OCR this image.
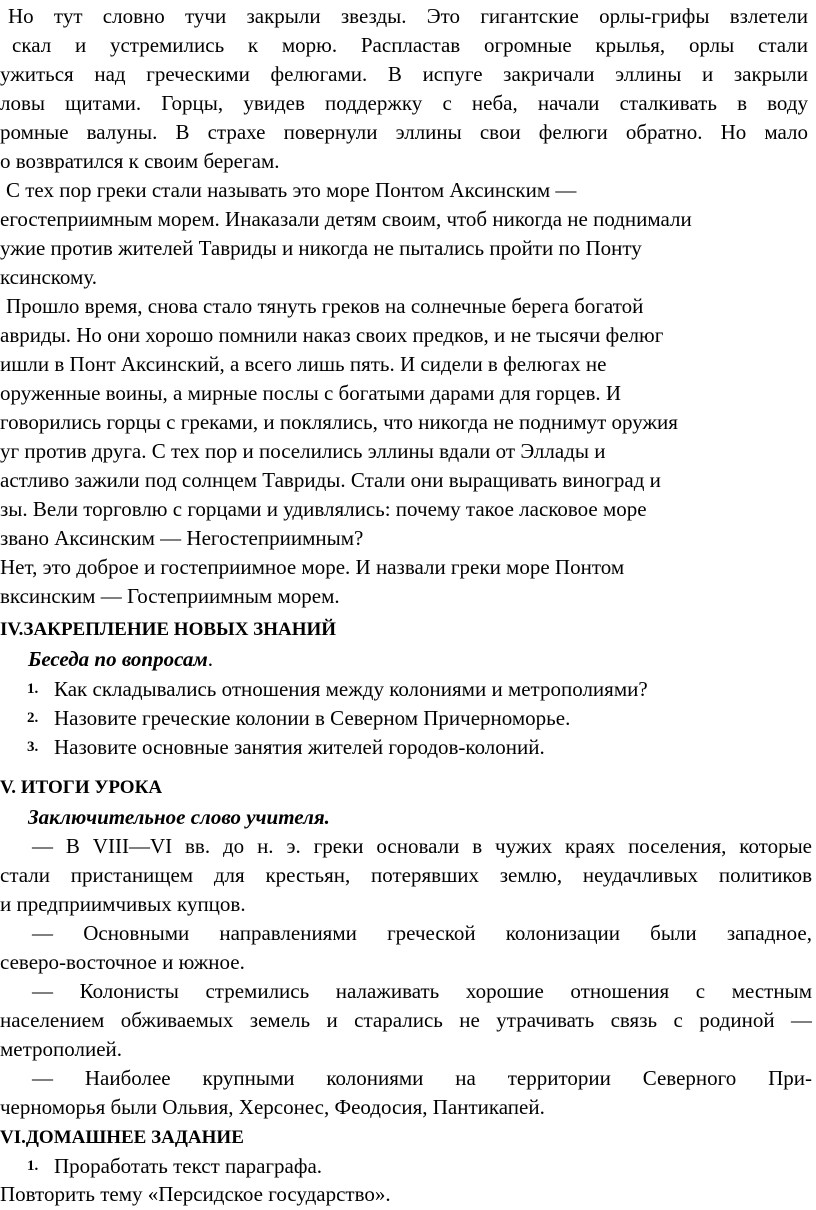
Но тут словно тучи закрыли звезды. Это гигантские орлы-грифы взлетели

скал и устремились к морю. Распластав огромные крылья, орлы стали

ужиться над греческими фелюгами. В испуге закричали эллины и закрыли

ловы щитами. Горцы, увидев поддержку с неба, начали сталкивать в воду

ромные валуны. В страхе повернули эллины свои фелюги обратно. Но мало

о возвратился к своим берегам.

С тех пор греки стали называть это море Понтом Аксинским —

егостеприимным морем. Инаказали детям своим, чтоб никогда не поднимали

ужие против жителей Тавриды и никогда не пытались пройти по Понту

ксинскому.

Прошло время, снова стало тянуть греков на солнечные берега богатой

авриды. Но они хорошо помнили наказ своих предков, и не тысячи фелюг

ишли в Понт Аксинский, а всего лишь пять. И сидели в фелюгах не

оруженные воины, а мирные послы с богатыми дарами для горцев. И

говорились горцы с греками, и поклялись, что никогда не поднимут оружия

уг против друга. С тех пор и поселились эллины вдали от Эллады и

астливо зажили под солнцем Тавриды. Стали они выращивать виноград и

зы. Вели торговлю с горцами и удивлялись: почему такое ласковое море

звано Аксинским — Негостеприимным?

Нет, это доброе и гостеприимное море. И назвали греки море Понтом

вксинским — Гостеприимным морем.

IV.ЗАКРЕПЛЕНИЕ НОВЫХ ЗНАНИЙ

Беседа по вопросам.

1. Как складывались отношения между колониями и метрополиями?
2. Назовите греческие колонии в Северном Причерноморье.
3. Назовите основные занятия жителей городов-колоний.

V. ИТОГИ УРОКА

Заключительное слово учителя.

— В VIII—VI вв. до н. э. греки основали в чужих краях поселения, которые

стали пристанищем для крестьян, потерявших землю, неудачливых политиков

и предприимчивых купцов.

— Основными направлениями греческой колонизации были западное,

северо-восточное и южное.

— Колонисты стремились налаживать хорошие отношения с местным

населением обживаемых земель и старались не утрачивать связь с родиной —

метрополией.

— Наиболее крупными колониями на территории Северного При-

черноморья были Ольвия, Херсонес, Феодосия, Пантикапей.

VI.ДОМАШНЕЕ ЗАДАНИЕ

1. Проработать текст параграфа.

Повторить тему «Персидское государство».
